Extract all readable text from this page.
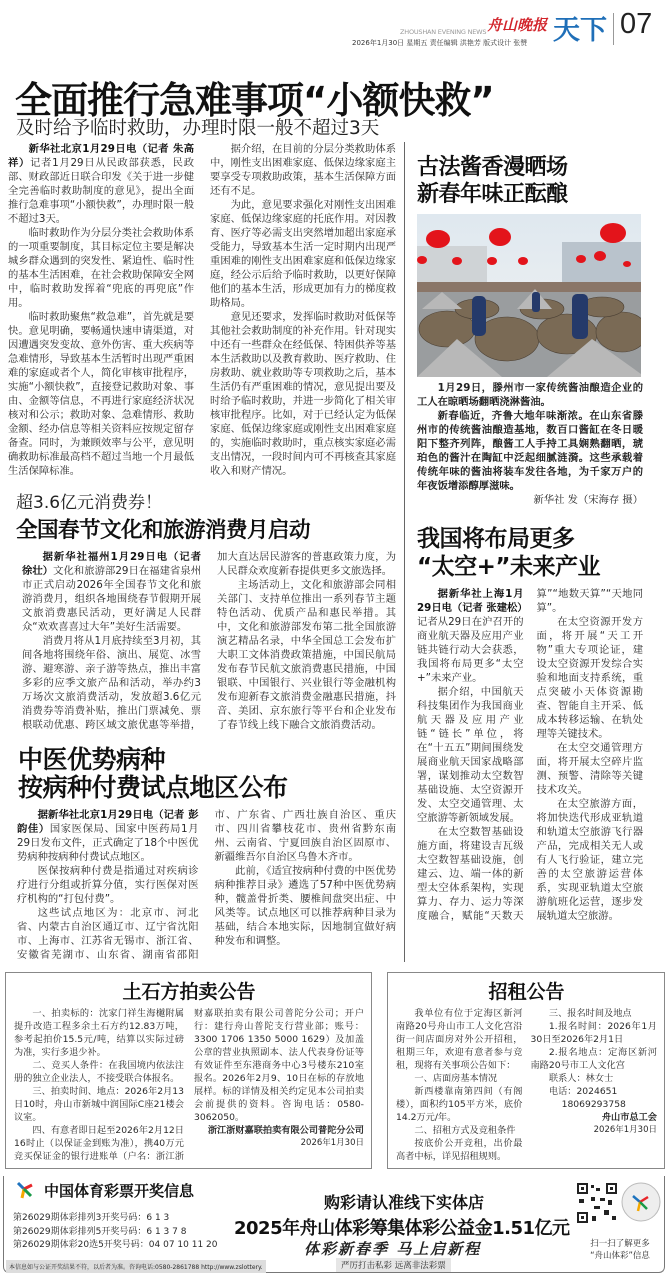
ZHOUSHAN EVENING NEWS 舟山晚报 天下 07
2026年1月30日 星期五 责任编辑 洪艳芳 版式设计 张赞
全面推行急难事项“小额快救”
及时给予临时救助，办理时限一般不超过3天

新华社北京1月29日电（记者 朱高祥）记者1月29日从民政部获悉，民政部、财政部近日联合印发《关于进一步健全完善临时救助制度的意见》，提出全面推行急难事项“小额快救”，办理时限一般不超过3天。

临时救助作为分层分类社会救助体系的一项重要制度，其目标定位主要是解决城乡群众遇到的突发性、紧迫性、临时性的基本生活困难，在社会救助保障安全网中，临时救助发挥着“兜底的再兜底”作用。

临时救助聚焦“救急难”，首先就是要快。意见明确，要畅通快速申请渠道，对因遭遇突发变故、意外伤害、重大疾病等急难情形，导致基本生活暂时出现严重困难的家庭或者个人，简化审核审批程序，实施“小额快救”，直接登记救助对象、事由、金额等信息，不再进行家庭经济状况核对和公示；救助对象、急难情形、救助金额、经办信息等相关资料应按规定留存备查。同时，为兼顾效率与公平，意见明确救助标准最高档不超过当地一个月最低生活保障标准。

据介绍，在目前的分层分类救助体系中，刚性支出困难家庭、低保边缘家庭主要享受专项救助政策，基本生活保障方面还有不足。

为此，意见要求强化对刚性支出困难家庭、低保边缘家庭的托底作用。对因教育、医疗等必需支出突然增加超出家庭承受能力，导致基本生活一定时期内出现严重困难的刚性支出困难家庭和低保边缘家庭，经公示后给予临时救助，以更好保障他们的基本生活，形成更加有力的梯度救助格局。

意见还要求，发挥临时救助对低保等其他社会救助制度的补充作用。针对现实中还有一些群众在经低保、特困供养等基本生活救助以及教育救助、医疗救助、住房救助、就业救助等专项救助之后，基本生活仍有严重困难的情况，意见提出要及时给予临时救助，并进一步简化了相关审核审批程序。比如，对于已经认定为低保家庭、低保边缘家庭或刚性支出困难家庭的，实施临时救助时，重点核实家庭必需支出情况，一段时间内可不再核查其家庭收入和财产情况。

超3.6亿元消费券！
全国春节文化和旅游消费月启动

据新华社福州1月29日电（记者 徐壮）文化和旅游部29日在福建省泉州市正式启动2026年全国春节文化和旅游消费月，组织各地围绕春节假期开展文旅消费惠民活动，更好满足人民群众“欢欢喜喜过大年”美好生活需要。

消费月将从1月底持续至3月初，其间各地将围绕年俗、演出、展览、冰雪游、避寒游、亲子游等热点，推出丰富多彩的应季文旅产品和活动，举办约3万场次文旅消费活动，发放超3.6亿元消费券等消费补贴，推出门票减免、票根联动优惠、跨区域文旅优惠等举措，加大直达居民游客的普惠政策力度，为人民群众欢度新春提供更多文旅选择。

主场活动上，文化和旅游部会同相关部门、支持单位推出一系列春节主题特色活动、优质产品和惠民举措。其中，文化和旅游部发布第二批全国旅游演艺精品名录，中华全国总工会发布扩大职工文体消费政策措施，中国民航局发布春节民航文旅消费惠民措施，中国银联、中国银行、兴业银行等金融机构发布迎新春文旅消费金融惠民措施，抖音、美团、京东旅行等平台和企业发布了春节线上线下融合文旅消费活动。

中医优势病种
按病种付费试点地区公布

据新华社北京1月29日电（记者 彭韵佳）国家医保局、国家中医药局1月29日发布文件，正式确定了18个中医优势病种按病种付费试点地区。

医保按病种付费是指通过对疾病诊疗进行分组或折算分值，实行医保对医疗机构的“打包付费”。

这些试点地区为：北京市、河北省、内蒙古自治区通辽市、辽宁省沈阳市、上海市、江苏省无锡市、浙江省、安徽省芜湖市、山东省、湖南省邵阳市、广东省、广西壮族自治区、重庆市、四川省攀枝花市、贵州省黔东南州、云南省、宁夏回族自治区固原市、新疆维吾尔自治区乌鲁木齐市。

此前，《适宜按病种付费的中医优势病种推荐目录》遴选了57种中医优势病种，髋盖骨折类、腰椎间盘突出症、中风类等。试点地区可以推荐病种目录为基础，结合本地实际，因地制宜做好病种发布和调整。

古法酱香漫晒场
新春年味正酝酿

1月29日，滕州市一家传统酱油酿造企业的工人在晾晒场翻晒浇淋酱油。

新春临近，齐鲁大地年味渐浓。在山东省滕州市的传统酱油酿造基地，数百口酱缸在冬日暖阳下整齐列阵，酿酱工人手持工具娴熟翻晒，琥珀色的酱汁在陶缸中泛起细腻涟漪。这些承载着传统年味的酱油将装车发往各地，为千家万户的年夜饭增添醇厚滋味。

新华社 发（宋海存 摄）
我国将布局更多
“太空+”未来产业

据新华社上海1月29日电（记者 张建松）记者从29日在沪召开的商业航天器及应用产业链共链行动大会获悉，我国将布局更多“太空+”未来产业。

据介绍，中国航天科技集团作为我国商业航天器及应用产业链“链长”单位，将在“十五五”期间围绕发展商业航天国家战略部署，谋划推动太空数智基础设施、太空资源开发、太空交通管理、太空旅游等新领域发展。

在太空数智基础设施方面，将建设吉瓦级太空数智基础设施，创建云、边、端一体的新型太空体系架构，实现算力、存力、运力等深度融合，赋能“天数天算”“地数天算”“天地同算”。

在太空资源开发方面，将开展“天工开物”重大专项论证，建设太空资源开发综合实验和地面支持系统，重点突破小天体资源勘查、智能自主开采、低成本转移运输、在轨处理等关键技术。

在太空交通管理方面，将开展太空碎片监测、预警、清除等关键技术攻关。

在太空旅游方面，将加快迭代形成亚轨道和轨道太空旅游飞行器产品，完成相关无人或有人飞行验证，建立完善的太空旅游运营体系，实现亚轨道太空旅游航班化运营，逐步发展轨道太空旅游。

土石方拍卖公告

一、拍卖标的：沈家门祥生海樾附属提升改造工程多余土石方约12.83万吨，参考起拍价15.5元/吨，结算以实际过磅为准，实行多退少补。

二、竞买人条件：在我国境内依法注册的独立企业法人，不接受联合体报名。

三、拍卖时间、地点：2026年2月13日10时，舟山市新城中润国际C座21楼会议室。

四、有意者即日起至2026年2月12日16时止（以保证金到账为准），携40万元竞买保证金的银行进账单（户名：浙江浙财嘉联拍卖有限公司普陀分公司；开户行：建行舟山普陀支行营业部；账号：3300 1706 1350 5000 1629）及加盖公章的营业执照副本、法人代表身份证等有效证件至东港商务中心3号楼东210室报名。2026年2月9、10日在标的存放地展样。标的详情及相关约定见本公司拍卖会前提供的资料。咨询电话：0580-3062050。

浙江浙财嘉联拍卖有限公司普陀分公司

2026年1月30日

招租公告

我单位有位于定海区新河南路20号舟山市工人文化宫沿街一间店面房对外公开招租，租期三年，欢迎有意者参与竞租，现将有关事项公告如下：

一、店面房基本情况

新西楼靠南第四间（有阁楼），面积约105平方米，底价14.2万元/年。

二、招租方式及竞租条件

按底价公开竞租，出价最高者中标，详见招租规则。

三、报名时间及地点

1.报名时间：2026年1月30日至2026年2月1日

2.报名地点：定海区新河南路20号市工人文化宫

联系人：林女士

电话：2024651

18069293758

舟山市总工会

2026年1月30日

中国体育彩票开奖信息
第26029期体彩排列3开奖号码：6 1 3
第26029期体彩排列5开奖号码：6 1 3 7 8
第26029期体彩20选5开奖号码：04 07 10 11 20
购彩请认准线下实体店
2025年舟山体彩筹集体彩公益金1.51亿元
体彩新春季 马上启新程
严厉打击私彩 远离非法彩票
扫一扫了解更多
“舟山体彩”信息
本信息如与公证开奖结果不符，以后者为准。咨询电话:0580-2861788 http://www.zslottery.
